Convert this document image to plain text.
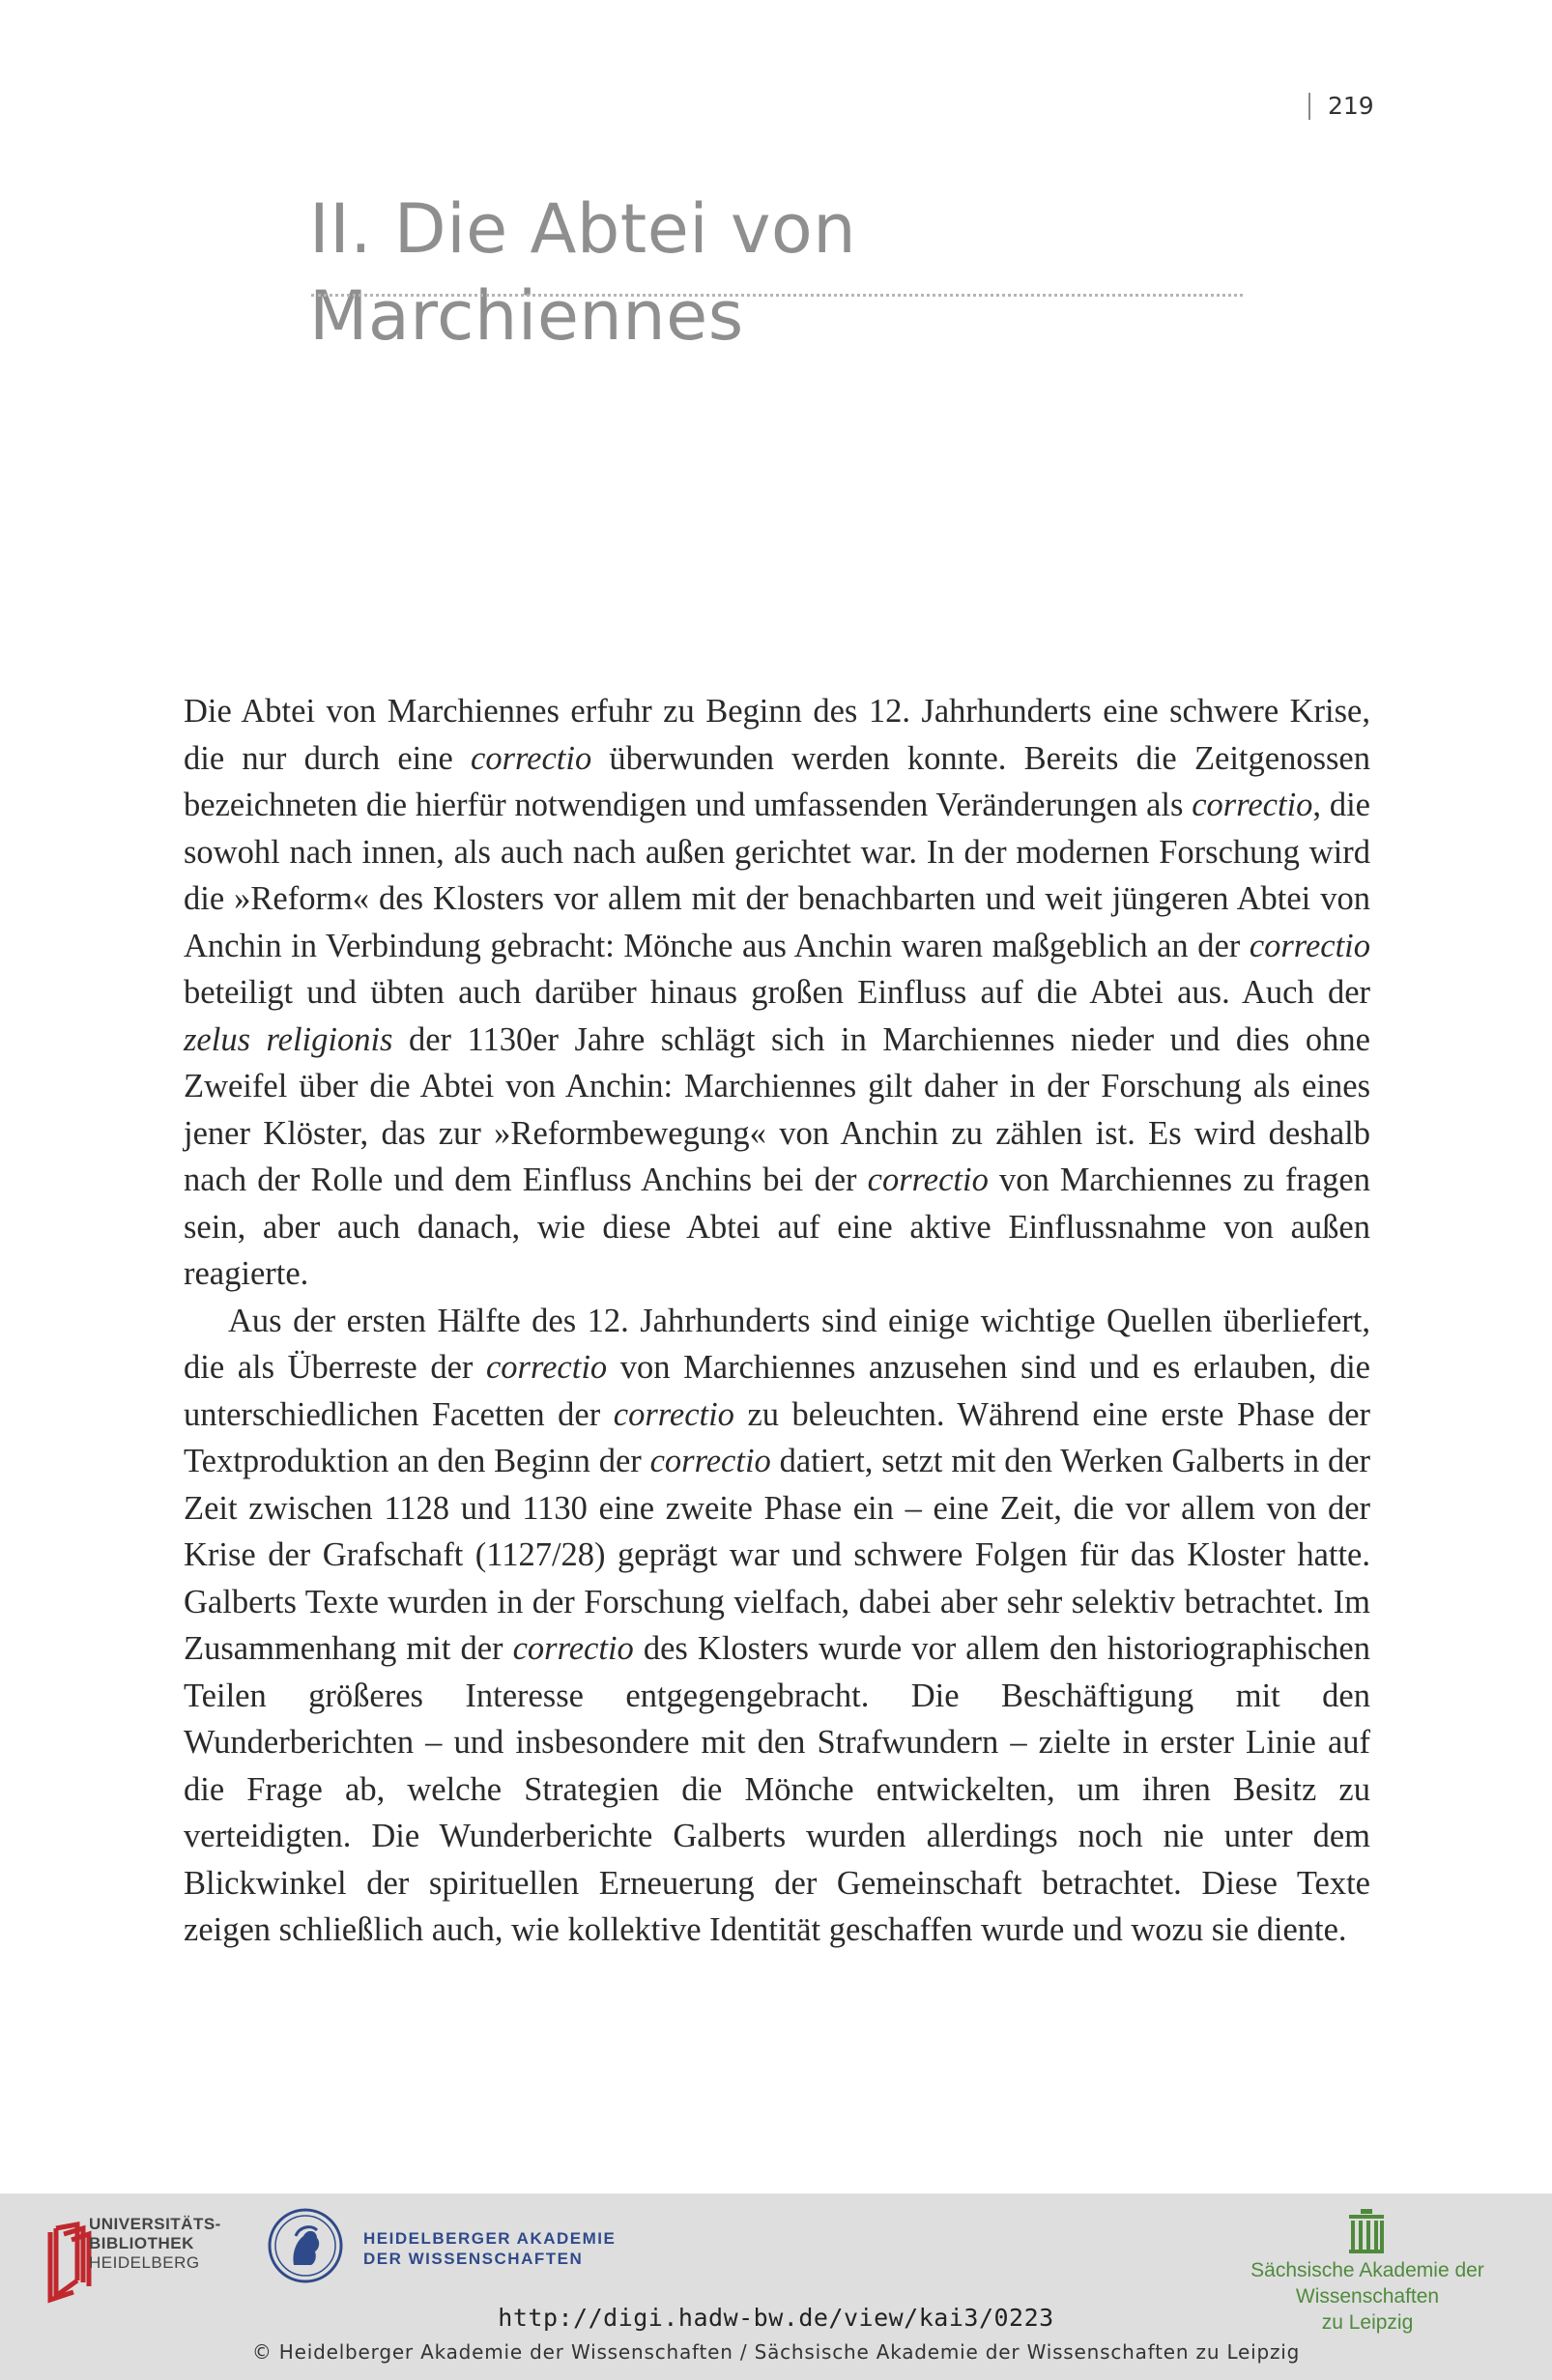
219
II. Die Abtei von Marchiennes

Die Abtei von Marchiennes erfuhr zu Beginn des 12. Jahrhunderts eine schwere Krise, die nur durch eine correctio überwunden werden konnte. Bereits die Zeitgenossen bezeichneten die hierfür notwendigen und umfassenden Veränderungen als correctio, die sowohl nach innen, als auch nach außen gerichtet war. In der modernen Forschung wird die »Reform« des Klosters vor allem mit der benachbarten und weit jüngeren Abtei von Anchin in Verbindung gebracht: Mönche aus Anchin waren maßgeblich an der correctio beteiligt und übten auch darüber hinaus großen Einfluss auf die Abtei aus. Auch der zelus religionis der 1130er Jahre schlägt sich in Marchiennes nieder und dies ohne Zweifel über die Abtei von Anchin: Marchiennes gilt daher in der Forschung als eines jener Klöster, das zur »Reformbewegung« von Anchin zu zählen ist. Es wird deshalb nach der Rolle und dem Einfluss Anchins bei der correctio von Marchiennes zu fragen sein, aber auch danach, wie diese Abtei auf eine aktive Einflussnahme von außen reagierte.

Aus der ersten Hälfte des 12. Jahrhunderts sind einige wichtige Quellen überliefert, die als Überreste der correctio von Marchiennes anzusehen sind und es erlauben, die unterschiedlichen Facetten der correctio zu beleuchten. Während eine erste Phase der Textproduktion an den Beginn der correctio datiert, setzt mit den Werken Galberts in der Zeit zwischen 1128 und 1130 eine zweite Phase ein – eine Zeit, die vor allem von der Krise der Grafschaft (1127/28) geprägt war und schwere Folgen für das Kloster hatte. Galberts Texte wurden in der Forschung vielfach, dabei aber sehr selektiv betrachtet. Im Zusammenhang mit der correctio des Klosters wurde vor allem den historiographischen Teilen größeres Interesse entgegengebracht. Die Beschäftigung mit den Wunderberichten – und insbesondere mit den Strafwundern – zielte in erster Linie auf die Frage ab, welche Strategien die Mönche entwickelten, um ihren Besitz zu verteidigten. Die Wunderberichte Galberts wurden allerdings noch nie unter dem Blickwinkel der spirituellen Erneuerung der Gemeinschaft betrachtet. Diese Texte zeigen schließlich auch, wie kollektive Identität geschaffen wurde und wozu sie diente.

UNIVERSITÄTS-
BIBLIOTHEK
HEIDELBERG
HEIDELBERGER AKADEMIE
DER WISSENSCHAFTEN
Sächsische Akademie der Wissenschaften
zu Leipzig
http://digi.hadw-bw.de/view/kai3/0223
© Heidelberger Akademie der Wissenschaften / Sächsische Akademie der Wissenschaften zu Leipzig
